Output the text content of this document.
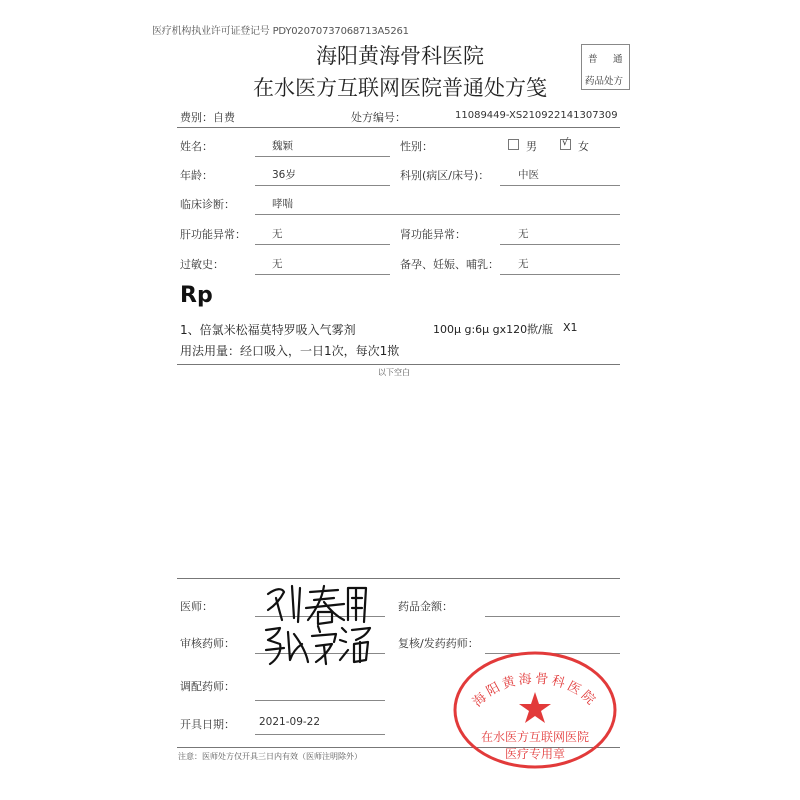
医疗机构执业许可证登记号 PDY02070737068713A5261
海阳黄海骨科医院
在水医方互联网医院普通处方笺
普 通
药品处方
费别：自费	处方编号：	11089449-XS210922141307309
姓名：	魏颖	性别：	男	√ 女
年龄：	36岁	科别(病区/床号)：	中医
临床诊断：	哮喘
肝功能异常： 无	肾功能异常：	无
过敏史：	无	备孕、妊娠、哺乳： 无
Rp
1、倍氯米松福莫特罗吸入气雾剂	100μ g:6μ gx120揿/瓶 X1
用法用量：经口吸入，一日1次，每次1揿
以下空白
医师：	药品金额：
审核药师：	复核/发药药师：
调配药师：
开具日期： 2021-09-22
注意：医师处方仅开具三日内有效（医师注明除外）
海阳黄海骨科医院
在水医方互联网医院
医疗专用章
